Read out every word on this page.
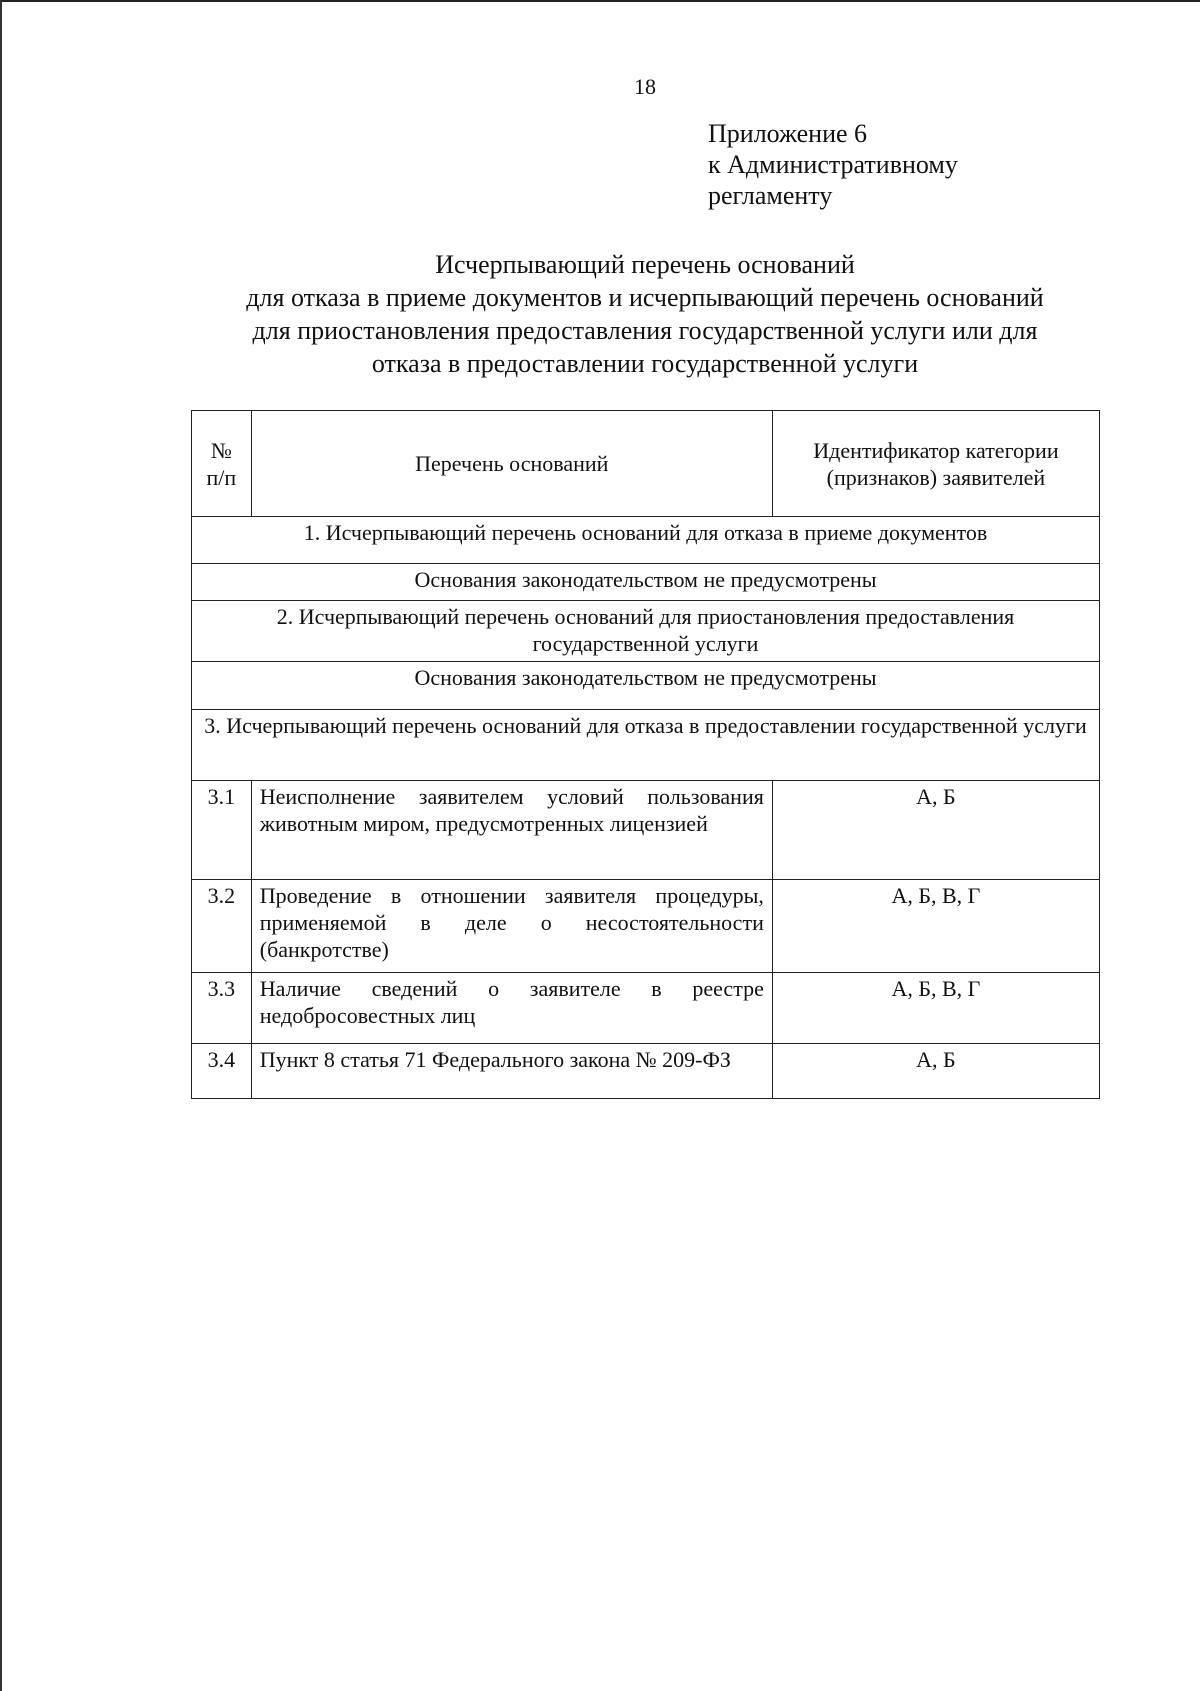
18
Приложение 6
к Административному
регламенту
Исчерпывающий перечень оснований
для отказа в приеме документов и исчерпывающий перечень оснований
для приостановления предоставления государственной услуги или для
отказа в предоставлении государственной услуги
№ п/п	Перечень оснований	Идентификатор категории (признаков) заявителей
1. Исчерпывающий перечень оснований для отказа в приеме документов		
Основания законодательством не предусмотрены		
2. Исчерпывающий перечень оснований для приостановления предоставления государственной услуги		
Основания законодательством не предусмотрены		
3. Исчерпывающий перечень оснований для отказа в предоставлении государственной услуги		
3.1	Неисполнение заявителем условий пользования животным миром, предусмотренных лицензией	А, Б
3.2	Проведение в отношении заявителя процедуры, применяемой в деле о несостоятельности (банкротстве)	А, Б, В, Г
3.3	Наличие сведений о заявителе в реестре недобросовестных лиц	А, Б, В, Г
3.4	Пункт 8 статья 71 Федерального закона № 209-ФЗ	А, Б
